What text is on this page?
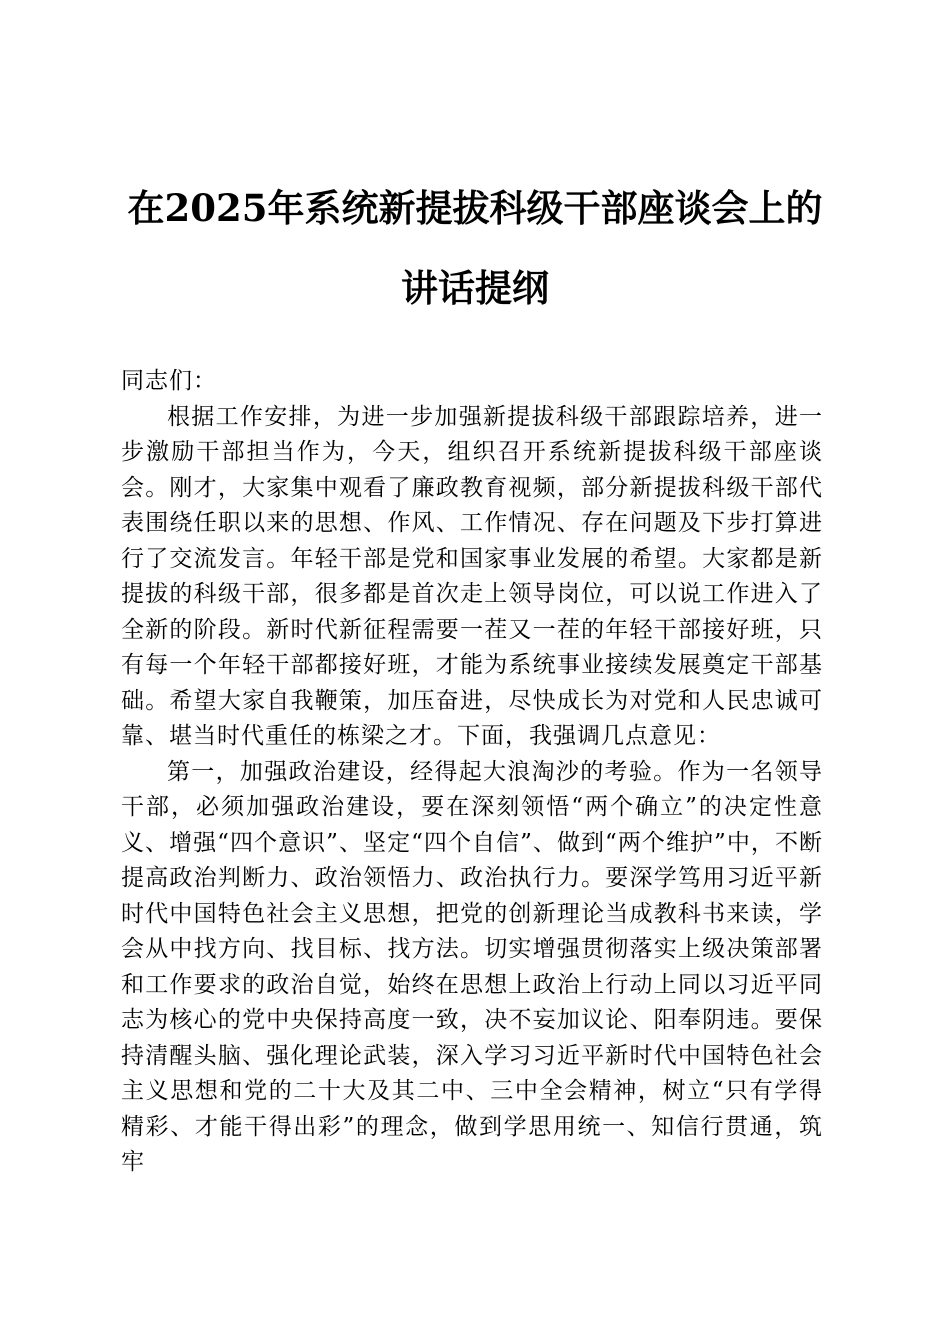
在2025年系统新提拔科级干部座谈会上的讲话提纲

同志们：

根据工作安排，为进一步加强新提拔科级干部跟踪培养，进一步激励干部担当作为，今天，组织召开系统新提拔科级干部座谈会。刚才，大家集中观看了廉政教育视频，部分新提拔科级干部代表围绕任职以来的思想、作风、工作情况、存在问题及下步打算进行了交流发言。年轻干部是党和国家事业发展的希望。大家都是新提拔的科级干部，很多都是首次走上领导岗位，可以说工作进入了全新的阶段。新时代新征程需要一茬又一茬的年轻干部接好班，只有每一个年轻干部都接好班，才能为系统事业接续发展奠定干部基础。希望大家自我鞭策，加压奋进，尽快成长为对党和人民忠诚可靠、堪当时代重任的栋梁之才。下面，我强调几点意见：

第一，加强政治建设，经得起大浪淘沙的考验。作为一名领导干部，必须加强政治建设，要在深刻领悟“两个确立”的决定性意义、增强“四个意识”、坚定“四个自信”、做到“两个维护”中，不断提高政治判断力、政治领悟力、政治执行力。要深学笃用习近平新时代中国特色社会主义思想，把党的创新理论当成教科书来读，学会从中找方向、找目标、找方法。切实增强贯彻落实上级决策部署和工作要求的政治自觉，始终在思想上政治上行动上同以习近平同志为核心的党中央保持高度一致，决不妄加议论、阳奉阴违。要保持清醒头脑、强化理论武装，深入学习习近平新时代中国特色社会主义思想和党的二十大及其二中、三中全会精神，树立“只有学得精彩、才能干得出彩”的理念，做到学思用统一、知信行贯通，筑牢
